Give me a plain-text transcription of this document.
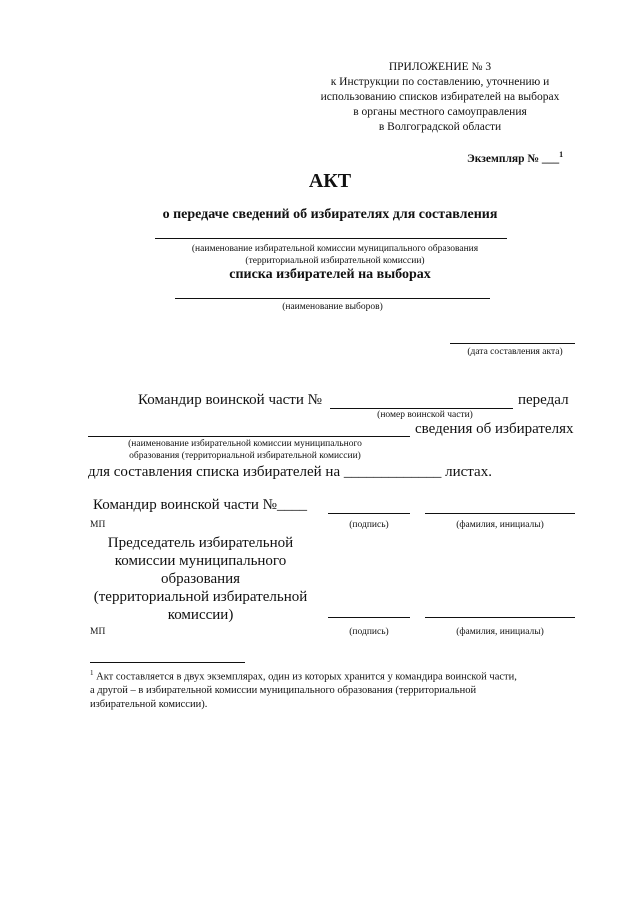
ПРИЛОЖЕНИЕ № 3
к Инструкции по составлению, уточнению и
использованию списков избирателей на выборах
в органы местного самоуправления
в Волгоградской области
Экземпляр № ___$^1$
АКТ
о передаче сведений об избирателях для составления
(наименование избирательной комиссии муниципального образования
(территориальной избирательной комиссии)
списка избирателей на выборах
(наименование выборов)
(дата составления акта)
Командир воинской части №	передал
(номер воинской части)
сведения об избирателях
(наименование избирательной комиссии муниципального
образования (территориальной избирательной комиссии)
для составления списка избирателей на _____________ листах.
Командир воинской части №____
МП	(подпись)	(фамилия, инициалы)
Председатель избирательной
комиссии муниципального
образования
(территориальной избирательной
комиссии)
МП	(подпись)	(фамилия, инициалы)
$^1$ Акт составляется в двух экземплярах, один из которых хранится у командира воинской части,
а другой – в избирательной комиссии муниципального образования (территориальной
избирательной комиссии).
